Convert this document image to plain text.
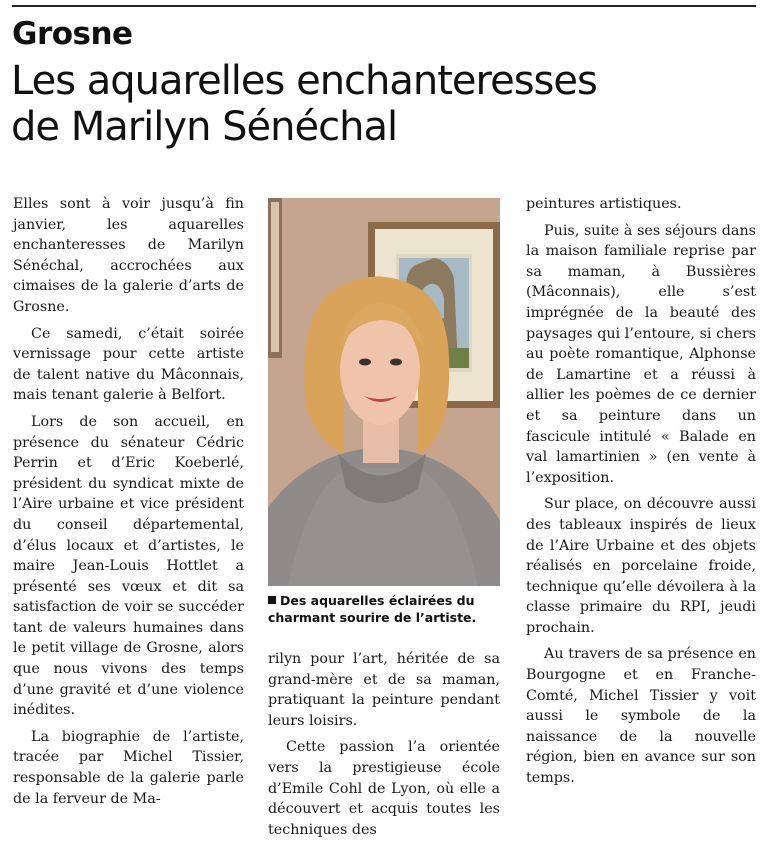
Grosne
Les aquarelles enchanteresses
de Marilyn Sénéchal

Elles sont à voir jusqu’à fin janvier, les aquarelles enchanteresses de Marilyn Sénéchal, accrochées aux cimaises de la galerie d’arts de Grosne.

Ce samedi, c’était soirée vernissage pour cette artiste de talent native du Mâconnais, mais tenant galerie à Belfort.

Lors de son accueil, en présence du sénateur Cédric Perrin et d’Eric Koeberlé, président du syndicat mixte de l’Aire urbaine et vice président du conseil départemental, d’élus locaux et d’artistes, le maire Jean-Louis Hottlet a présenté ses vœux et dit sa satisfaction de voir se succéder tant de valeurs humaines dans le petit village de Grosne, alors que nous vivons des temps d’une gravité et d’une violence inédites.

La biographie de l’artiste, tracée par Michel Tissier, responsable de la galerie parle de la ferveur de Ma-

Des aquarelles éclairées du charmant sourire de l’artiste.

rilyn pour l’art, héritée de sa grand-mère et de sa maman, pratiquant la peinture pendant leurs loisirs.

Cette passion l’a orientée vers la prestigieuse école d’Emile Cohl de Lyon, où elle a découvert et acquis toutes les techniques des

peintures artistiques.

Puis, suite à ses séjours dans la maison familiale reprise par sa maman, à Bussières (Mâconnais), elle s’est imprégnée de la beauté des paysages qui l’entoure, si chers au poète romantique, Alphonse de Lamartine et a réussi à allier les poèmes de ce dernier et sa peinture dans un fascicule intitulé « Balade en val lamartinien » (en vente à l’exposition.

Sur place, on découvre aussi des tableaux inspirés de lieux de l’Aire Urbaine et des objets réalisés en porcelaine froide, technique qu’elle dévoilera à la classe primaire du RPI, jeudi prochain.

Au travers de sa présence en Bourgogne et en Franche-Comté, Michel Tissier y voit aussi le symbole de la naissance de la nouvelle région, bien en avance sur son temps.
